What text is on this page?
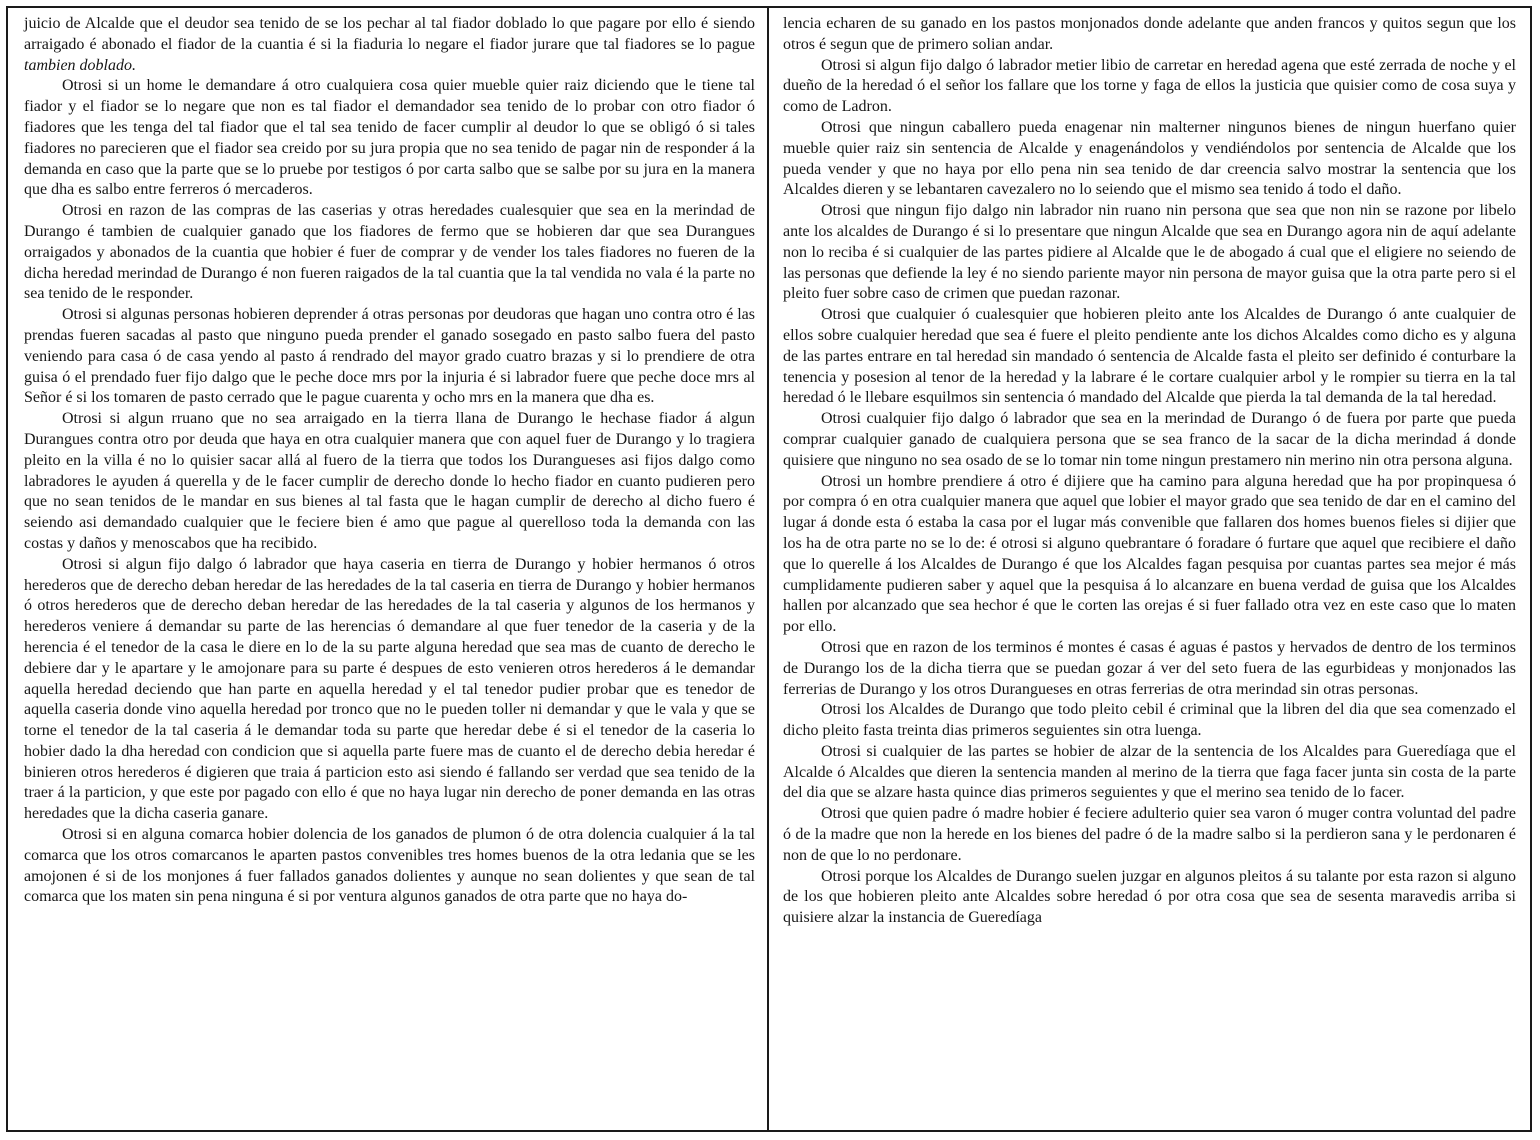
juicio de Alcalde que el deudor sea tenido de se los pechar al tal fiador doblado lo que pagare por ello é siendo arraigado é abonado el fiador de la cuantia é si la fiaduria lo negare el fiador jurare que tal fiadores se lo pague tambien doblado.

Otrosi si un home le demandare á otro cualquiera cosa quier mueble quier raiz diciendo que le tiene tal fiador y el fiador se lo negare que non es tal fiador el demandador sea tenido de lo probar con otro fiador ó fiadores que les tenga del tal fiador que el tal sea tenido de facer cumplir al deudor lo que se obligó ó si tales fiadores no parecieren que el fiador sea creido por su jura propia que no sea tenido de pagar nin de responder á la demanda en caso que la parte que se lo pruebe por testigos ó por carta salbo que se salbe por su jura en la manera que dha es salbo entre ferreros ó mercaderos.

Otrosi en razon de las compras de las caserias y otras heredades cualesquier que sea en la merindad de Durango é tambien de cualquier ganado que los fiadores de fermo que se hobieren dar que sea Durangues orraigados y abonados de la cuantia que hobier é fuer de comprar y de vender los tales fiadores no fueren de la dicha heredad merindad de Durango é non fueren raigados de la tal cuantia que la tal vendida no vala é la parte no sea tenido de le responder.

Otrosi si algunas personas hobieren deprender á otras personas por deudoras que hagan uno contra otro é las prendas fueren sacadas al pasto que ninguno pueda prender el ganado sosegado en pasto salbo fuera del pasto veniendo para casa ó de casa yendo al pasto á rendrado del mayor grado cuatro brazas y si lo prendiere de otra guisa ó el prendado fuer fijo dalgo que le peche doce mrs por la injuria é si labrador fuere que peche doce mrs al Señor é si los tomaren de pasto cerrado que le pague cuarenta y ocho mrs en la manera que dha es.

Otrosi si algun rruano que no sea arraigado en la tierra llana de Durango le hechase fiador á algun Durangues contra otro por deuda que haya en otra cualquier manera que con aquel fuer de Durango y lo tragiera pleito en la villa é no lo quisier sacar allá al fuero de la tierra que todos los Durangueses asi fijos dalgo como labradores le ayuden á querella y de le facer cumplir de derecho donde lo hecho fiador en cuanto pudieren pero que no sean tenidos de le mandar en sus bienes al tal fasta que le hagan cumplir de derecho al dicho fuero é seiendo asi demandado cualquier que le feciere bien é amo que pague al querelloso toda la demanda con las costas y daños y menoscabos que ha recibido.

Otrosi si algun fijo dalgo ó labrador que haya caseria en tierra de Durango y hobier hermanos ó otros herederos que de derecho deban heredar de las heredades de la tal caseria en tierra de Durango y hobier hermanos ó otros herederos que de derecho deban heredar de las heredades de la tal caseria y algunos de los hermanos y herederos veniere á demandar su parte de las herencias ó demandare al que fuer tenedor de la caseria y de la herencia é el tenedor de la casa le diere en lo de la su parte alguna heredad que sea mas de cuanto de derecho le debiere dar y le apartare y le amojonare para su parte é despues de esto venieren otros herederos á le demandar aquella heredad deciendo que han parte en aquella heredad y el tal tenedor pudier probar que es tenedor de aquella caseria donde vino aquella heredad por tronco que no le pueden toller ni demandar y que le vala y que se torne el tenedor de la tal caseria á le demandar toda su parte que heredar debe é si el tenedor de la caseria lo hobier dado la dha heredad con condicion que si aquella parte fuere mas de cuanto el de derecho debia heredar é binieren otros herederos é digieren que traia á particion esto asi siendo é fallando ser verdad que sea tenido de la traer á la particion, y que este por pagado con ello é que no haya lugar nin derecho de poner demanda en las otras heredades que la dicha caseria ganare.

Otrosi si en alguna comarca hobier dolencia de los ganados de plumon ó de otra dolencia cualquier á la tal comarca que los otros comarcanos le aparten pastos convenibles tres homes buenos de la otra ledania que se les amojonen é si de los monjones á fuer fallados ganados dolientes y aunque no sean dolientes y que sean de tal comarca que los maten sin pena ninguna é si por ventura algunos ganados de otra parte que no haya do-

lencia echaren de su ganado en los pastos monjonados donde adelante que anden francos y quitos segun que los otros é segun que de primero solian andar.

Otrosi si algun fijo dalgo ó labrador metier libio de carretar en heredad agena que esté zerrada de noche y el dueño de la heredad ó el señor los fallare que los torne y faga de ellos la justicia que quisier como de cosa suya y como de Ladron.

Otrosi que ningun caballero pueda enagenar nin malterner ningunos bienes de ningun huerfano quier mueble quier raiz sin sentencia de Alcalde y enagenándolos y vendiéndolos por sentencia de Alcalde que los pueda vender y que no haya por ello pena nin sea tenido de dar creencia salvo mostrar la sentencia que los Alcaldes dieren y se lebantaren cavezalero no lo seiendo que el mismo sea tenido á todo el daño.

Otrosi que ningun fijo dalgo nin labrador nin ruano nin persona que sea que non nin se razone por libelo ante los alcaldes de Durango é si lo presentare que ningun Alcalde que sea en Durango agora nin de aquí adelante non lo reciba é si cualquier de las partes pidiere al Alcalde que le de abogado á cual que el eligiere no seiendo de las personas que defiende la ley é no siendo pariente mayor nin persona de mayor guisa que la otra parte pero si el pleito fuer sobre caso de crimen que puedan razonar.

Otrosi que cualquier ó cualesquier que hobieren pleito ante los Alcaldes de Durango ó ante cualquier de ellos sobre cualquier heredad que sea é fuere el pleito pendiente ante los dichos Alcaldes como dicho es y alguna de las partes entrare en tal heredad sin mandado ó sentencia de Alcalde fasta el pleito ser definido é conturbare la tenencia y posesion al tenor de la heredad y la labrare é le cortare cualquier arbol y le rompier su tierra en la tal heredad ó le llebare esquilmos sin sentencia ó mandado del Alcalde que pierda la tal demanda de la tal heredad.

Otrosi cualquier fijo dalgo ó labrador que sea en la merindad de Durango ó de fuera por parte que pueda comprar cualquier ganado de cualquiera persona que se sea franco de la sacar de la dicha merindad á donde quisiere que ninguno no sea osado de se lo tomar nin tome ningun prestamero nin merino nin otra persona alguna.

Otrosi un hombre prendiere á otro é dijiere que ha camino para alguna heredad que ha por propinquesa ó por compra ó en otra cualquier manera que aquel que lobier el mayor grado que sea tenido de dar en el camino del lugar á donde esta ó estaba la casa por el lugar más convenible que fallaren dos homes buenos fieles si dijier que los ha de otra parte no se lo de: é otrosi si alguno quebrantare ó foradare ó furtare que aquel que recibiere el daño que lo querelle á los Alcaldes de Durango é que los Alcaldes fagan pesquisa por cuantas partes sea mejor é más cumplidamente pudieren saber y aquel que la pesquisa á lo alcanzare en buena verdad de guisa que los Alcaldes hallen por alcanzado que sea hechor é que le corten las orejas é si fuer fallado otra vez en este caso que lo maten por ello.

Otrosi que en razon de los terminos é montes é casas é aguas é pastos y hervados de dentro de los terminos de Durango los de la dicha tierra que se puedan gozar á ver del seto fuera de las egurbideas y monjonados las ferrerias de Durango y los otros Durangueses en otras ferrerias de otra merindad sin otras personas.

Otrosi los Alcaldes de Durango que todo pleito cebil é criminal que la libren del dia que sea comenzado el dicho pleito fasta treinta dias primeros seguientes sin otra luenga.

Otrosi si cualquier de las partes se hobier de alzar de la sentencia de los Alcaldes para Gueredíaga que el Alcalde ó Alcaldes que dieren la sentencia manden al merino de la tierra que faga facer junta sin costa de la parte del dia que se alzare hasta quince dias primeros seguientes y que el merino sea tenido de lo facer.

Otrosi que quien padre ó madre hobier é feciere adulterio quier sea varon ó muger contra voluntad del padre ó de la madre que non la herede en los bienes del padre ó de la madre salbo si la perdieron sana y le perdonaren é non de que lo no perdonare.

Otrosi porque los Alcaldes de Durango suelen juzgar en algunos pleitos á su talante por esta razon si alguno de los que hobieren pleito ante Alcaldes sobre heredad ó por otra cosa que sea de sesenta maravedis arriba si quisiere alzar la instancia de Gueredíaga
